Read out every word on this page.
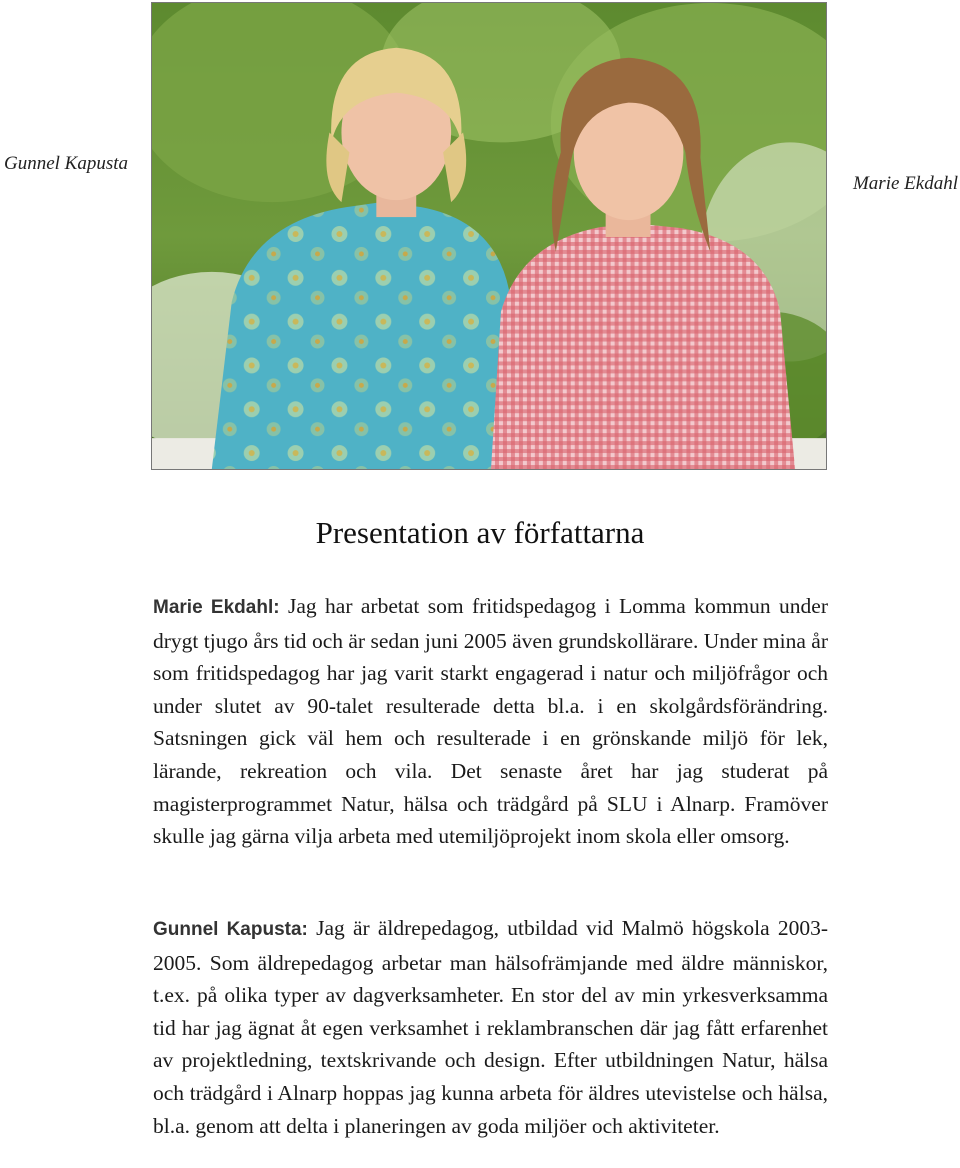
Gunnel Kapusta
Marie Ekdahl
Presentation av författarna

Marie Ekdahl: Jag har arbetat som fritidspedagog i Lomma kommun under drygt tjugo års tid och är sedan juni 2005 även grundskollärare. Under mina år som fritidspedagog har jag varit starkt engagerad i natur och miljöfrågor och under slutet av 90-talet resulterade detta bl.a. i en skolgårdsförändring. Satsningen gick väl hem och resulterade i en grönskande miljö för lek, lärande, rekreation och vila. Det senaste året har jag studerat på magisterprogrammet Natur, hälsa och trädgård på SLU i Alnarp. Framöver skulle jag gärna vilja arbeta med utemiljöprojekt inom skola eller omsorg.

Gunnel Kapusta: Jag är äldrepedagog, utbildad vid Malmö högskola 2003-2005. Som äldrepedagog arbetar man hälsofrämjande med äldre människor, t.ex. på olika typer av dagverksamheter. En stor del av min yrkesverksamma tid har jag ägnat åt egen verksamhet i reklambranschen där jag fått erfarenhet av projektledning, textskrivande och design. Efter utbildningen Natur, hälsa och trädgård i Alnarp hoppas jag kunna arbeta för äldres utevistelse och hälsa, bl.a. genom att delta i planeringen av goda miljöer och aktiviteter.
